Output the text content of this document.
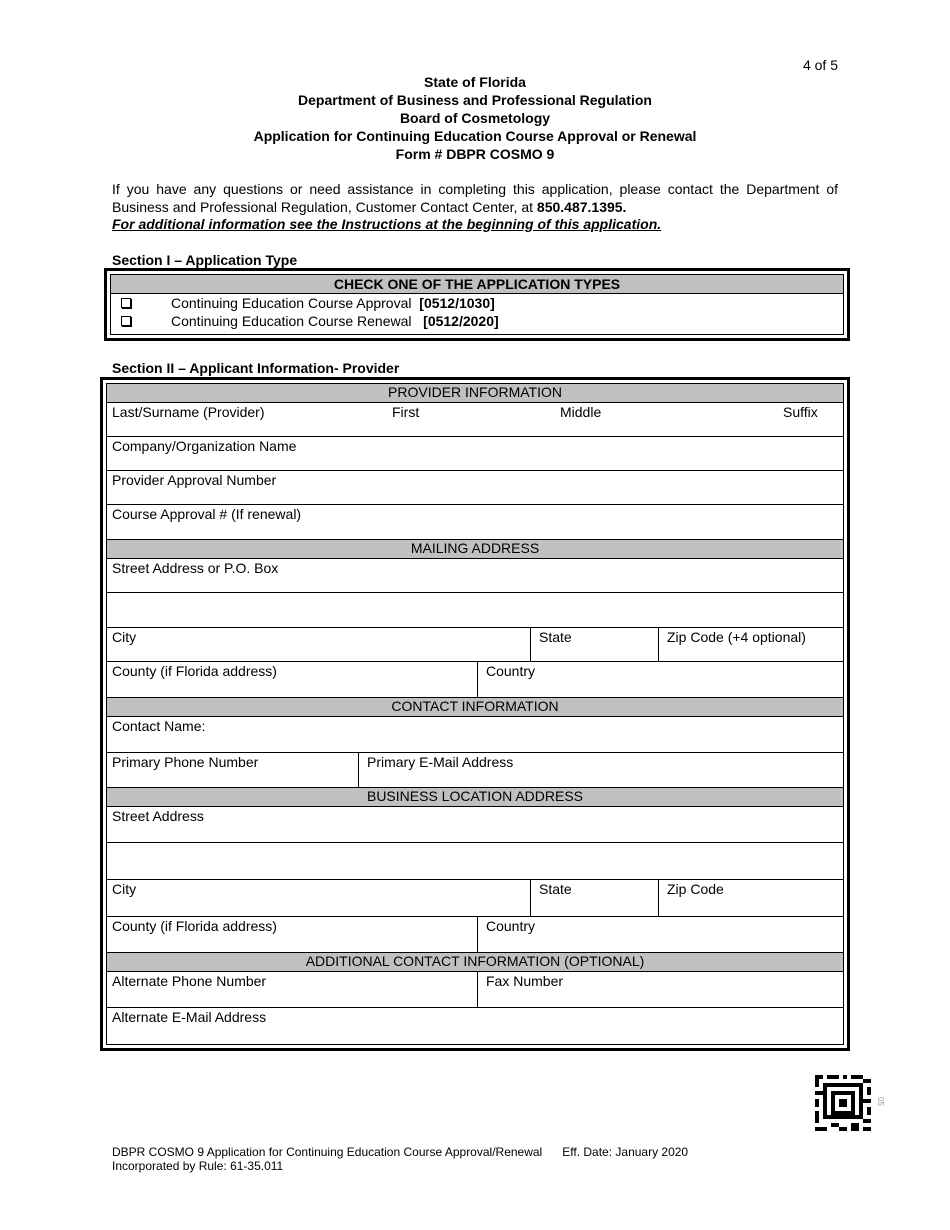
4 of 5
State of Florida
Department of Business and Professional Regulation
Board of Cosmetology
Application for Continuing Education Course Approval or Renewal
Form # DBPR COSMO 9
If you have any questions or need assistance in completing this application, please contact the Department of Business and Professional Regulation, Customer Contact Center, at 850.487.1395.
For additional information see the Instructions at the beginning of this application.
Section I – Application Type
CHECK ONE OF THE APPLICATION TYPES
Continuing Education Course Approval [0512/1030]
Continuing Education Course Renewal [0512/2020]
Section II – Applicant Information- Provider
PROVIDER INFORMATION
Last/Surname (Provider)	First	Middle	Suffix
Company/Organization Name
Provider Approval Number
Course Approval # (If renewal)
MAILING ADDRESS
Street Address or P.O. Box
City	State	Zip Code (+4 optional)
County (if Florida address)	Country
CONTACT INFORMATION
Contact Name:
Primary Phone Number	Primary E-Mail Address
BUSINESS LOCATION ADDRESS
Street Address
City	State	Zip Code
County (if Florida address)	Country
ADDITIONAL CONTACT INFORMATION (OPTIONAL)
Alternate Phone Number	Fax Number
Alternate E-Mail Address
05
DBPR COSMO 9 Application for Continuing Education Course Approval/Renewal Eff. Date: January 2020
Incorporated by Rule: 61-35.011
